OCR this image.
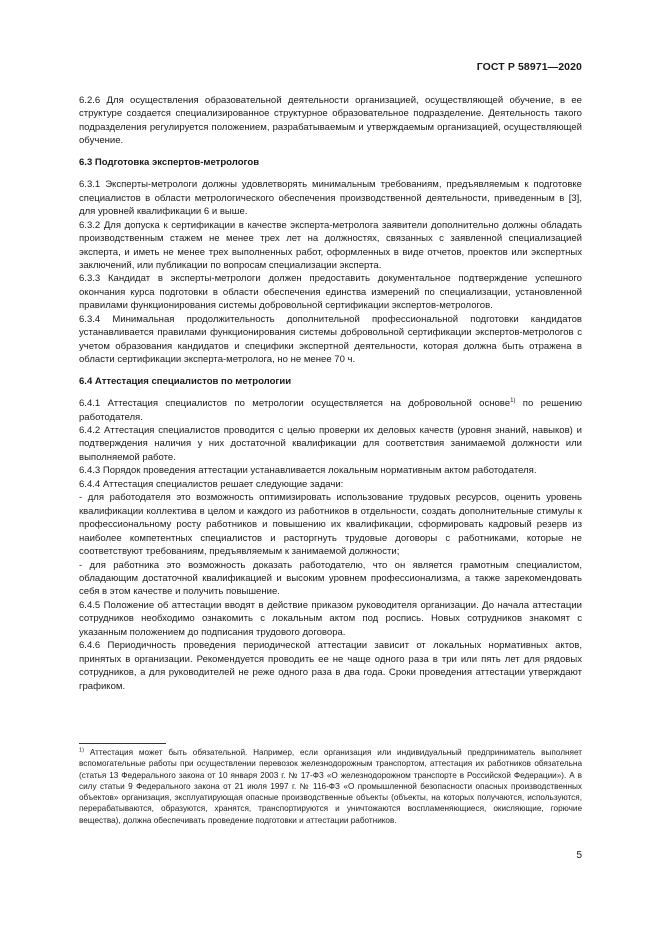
ГОСТ Р 58971—2020

6.2.6 Для осуществления образовательной деятельности организацией, осуществляющей обучение, в ее структуре создается специализированное структурное образовательное подразделение. Деятельность такого подразделения регулируется положением, разрабатываемым и утверждаемым организацией, осуществляющей обучение.

6.3 Подготовка экспертов-метрологов

6.3.1 Эксперты-метрологи должны удовлетворять минимальным требованиям, предъявляемым к подготовке специалистов в области метрологического обеспечения производственной деятельности, приведенным в [3], для уровней квалификации 6 и выше.

6.3.2 Для допуска к сертификации в качестве эксперта-метролога заявители дополнительно должны обладать производственным стажем не менее трех лет на должностях, связанных с заявленной специализацией эксперта, и иметь не менее трех выполненных работ, оформленных в виде отчетов, проектов или экспертных заключений, или публикации по вопросам специализации эксперта.

6.3.3 Кандидат в эксперты-метрологи должен предоставить документальное подтверждение успешного окончания курса подготовки в области обеспечения единства измерений по специализации, установленной правилами функционирования системы добровольной сертификации экспертов-метрологов.

6.3.4 Минимальная продолжительность дополнительной профессиональной подготовки кандидатов устанавливается правилами функционирования системы добровольной сертификации экспертов-метрологов с учетом образования кандидатов и специфики экспертной деятельности, которая должна быть отражена в области сертификации эксперта-метролога, но не менее 70 ч.

6.4 Аттестация специалистов по метрологии

6.4.1 Аттестация специалистов по метрологии осуществляется на добровольной основе$^{1)}$ по решению работодателя.

6.4.2 Аттестация специалистов проводится с целью проверки их деловых качеств (уровня знаний, навыков) и подтверждения наличия у них достаточной квалификации для соответствия занимаемой должности или выполняемой работе.

6.4.3 Порядок проведения аттестации устанавливается локальным нормативным актом работодателя.

6.4.4 Аттестация специалистов решает следующие задачи:

- для работодателя это возможность оптимизировать использование трудовых ресурсов, оценить уровень квалификации коллектива в целом и каждого из работников в отдельности, создать дополнительные стимулы к профессиональному росту работников и повышению их квалификации, сформировать кадровый резерв из наиболее компетентных специалистов и расторгнуть трудовые договоры с работниками, которые не соответствуют требованиям, предъявляемым к занимаемой должности;

- для работника это возможность доказать работодателю, что он является грамотным специалистом, обладающим достаточной квалификацией и высоким уровнем профессионализма, а также зарекомендовать себя в этом качестве и получить повышение.

6.4.5 Положение об аттестации вводят в действие приказом руководителя организации. До начала аттестации сотрудников необходимо ознакомить с локальным актом под роспись. Новых сотрудников знакомят с указанным положением до подписания трудового договора.

6.4.6 Периодичность проведения периодической аттестации зависит от локальных нормативных актов, принятых в организации. Рекомендуется проводить ее не чаще одного раза в три или пять лет для рядовых сотрудников, а для руководителей не реже одного раза в два года. Сроки проведения аттестации утверждают графиком.

$^{1)}$ Аттестация может быть обязательной. Например, если организация или индивидуальный предприниматель выполняет вспомогательные работы при осуществлении перевозок железнодорожным транспортом, аттестация их работников обязательна (статья 13 Федерального закона от 10 января 2003 г. № 17-ФЗ «О железнодорожном транспорте в Российской Федерации»). А в силу статьи 9 Федерального закона от 21 июля 1997 г. № 116-ФЗ «О промышленной безопасности опасных производственных объектов» организация, эксплуатирующая опасные производственные объекты (объекты, на которых получаются, используются, перерабатываются, образуются, хранятся, транспортируются и уничтожаются воспламеняющиеся, окисляющие, горючие вещества), должна обеспечивать проведение подготовки и аттестации работников.
5
